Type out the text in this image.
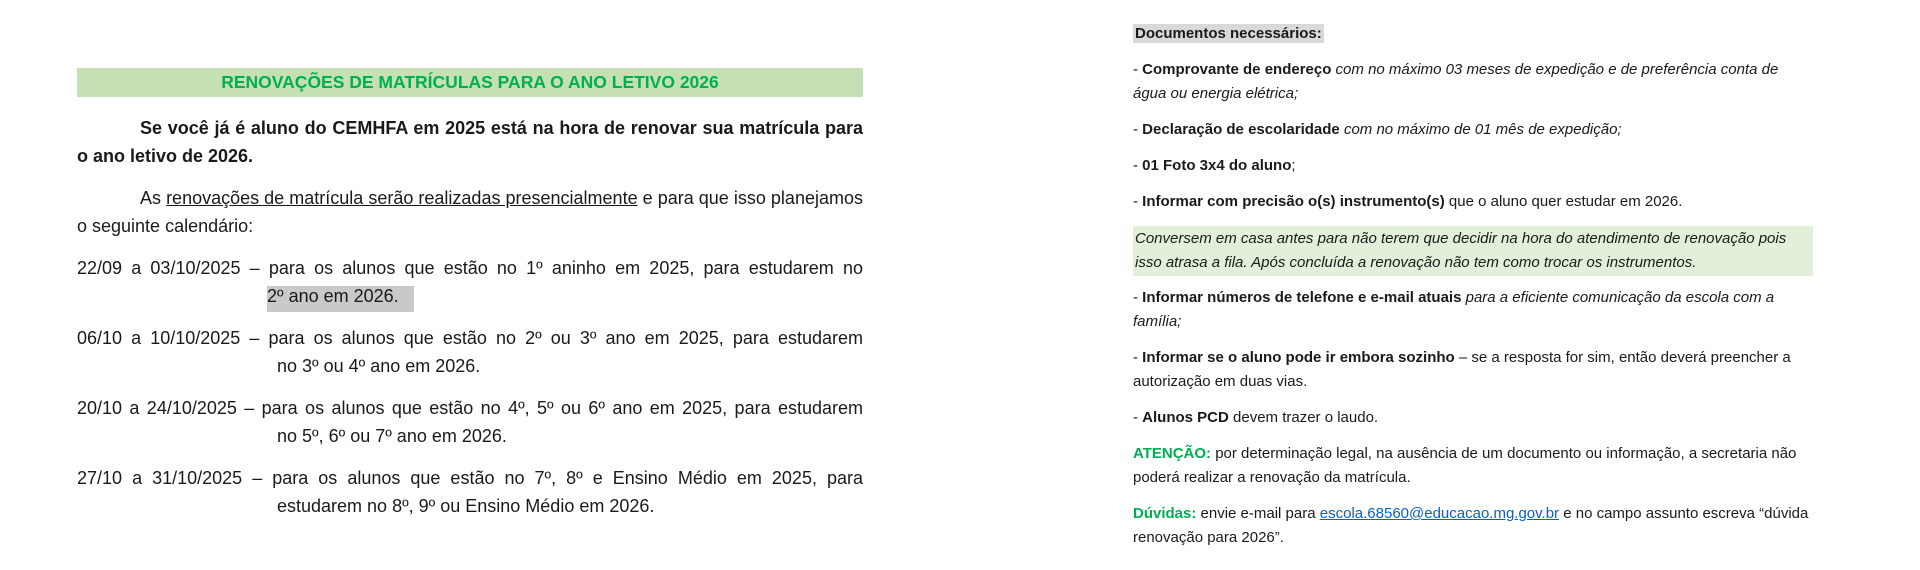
RENOVAÇÕES DE MATRÍCULAS PARA O ANO LETIVO 2026

Se você já é aluno do CEMHFA em 2025 está na hora de renovar sua matrícula para o ano letivo de 2026.

As renovações de matrícula serão realizadas presencialmente e para que isso planejamos o seguinte calendário:

22/09 a 03/10/2025 – para os alunos que estão no 1º aninho em 2025, para estudarem no
2º ano em 2026.
06/10 a 10/10/2025 – para os alunos que estão no 2º ou 3º ano em 2025, para estudarem
no 3º ou 4º ano em 2026.
20/10 a 24/10/2025 – para os alunos que estão no 4º, 5º ou 6º ano em 2025, para estudarem
no 5º, 6º ou 7º ano em 2026.
27/10 a 31/10/2025 – para os alunos que estão no 7º, 8º e Ensino Médio em 2025, para
estudarem no 8º, 9º ou Ensino Médio em 2026.
Documentos necessários:

- Comprovante de endereço com no máximo 03 meses de expedição e de preferência conta de água ou energia elétrica;

- Declaração de escolaridade com no máximo de 01 mês de expedição;

- 01 Foto 3x4 do aluno;

- Informar com precisão o(s) instrumento(s) que o aluno quer estudar em 2026.

Conversem em casa antes para não terem que decidir na hora do atendimento de renovação pois isso atrasa a fila. Após concluída a renovação não tem como trocar os instrumentos.

- Informar números de telefone e e-mail atuais para a eficiente comunicação da escola com a família;

- Informar se o aluno pode ir embora sozinho – se a resposta for sim, então deverá preencher a autorização em duas vias.

- Alunos PCD devem trazer o laudo.

ATENÇÃO: por determinação legal, na ausência de um documento ou informação, a secretaria não poderá realizar a renovação da matrícula.

Dúvidas: envie e-mail para escola.68560@educacao.mg.gov.br e no campo assunto escreva “dúvida renovação para 2026”.
